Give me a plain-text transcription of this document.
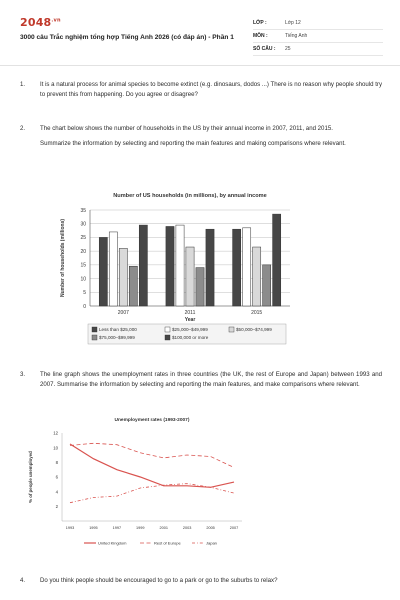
$2048^{.vn}$
3000 câu Trắc nghiệm tổng hợp Tiếng Anh 2026 (có đáp án) - Phần 1
LỚP :	Lớp 12
MÔN :	Tiếng Anh
SỐ CÂU :	25
1. It is a natural process for animal species to become extinct (e.g. dinosaurs, dodos ...) There is no reason why people should try to prevent this from happening. Do you agree or disagree?
2. The chart below shows the number of households in the US by their annual income in 2007, 2011, and 2015.
Summarize the information by selecting and reporting the main features and making comparisons where relevant.
Number of US households (in millions), by annual income
0
5
10
15
20
25
30
35
Number of households (millions)
2007	2011	2015
Year
Less than $25,000	$25,000–$49,999	$50,000–$74,999
$75,000–$99,999	$100,000 or more
3. The line graph shows the unemployment rates in three countries (the UK, the rest of Europe and Japan) between 1993 and 2007. Summarise the information by selecting and reporting the main features, and make comparisons where relevant.
Unemployment rates (1993-2007)
2
4
6
8
10
12
% of people unemployed
1993	1995	1997	1999	2001	2003	2005	2007
United Kingdom	Rest of Europe	Japan
4. Do you think people should be encouraged to go to a park or go to the suburbs to relax?
